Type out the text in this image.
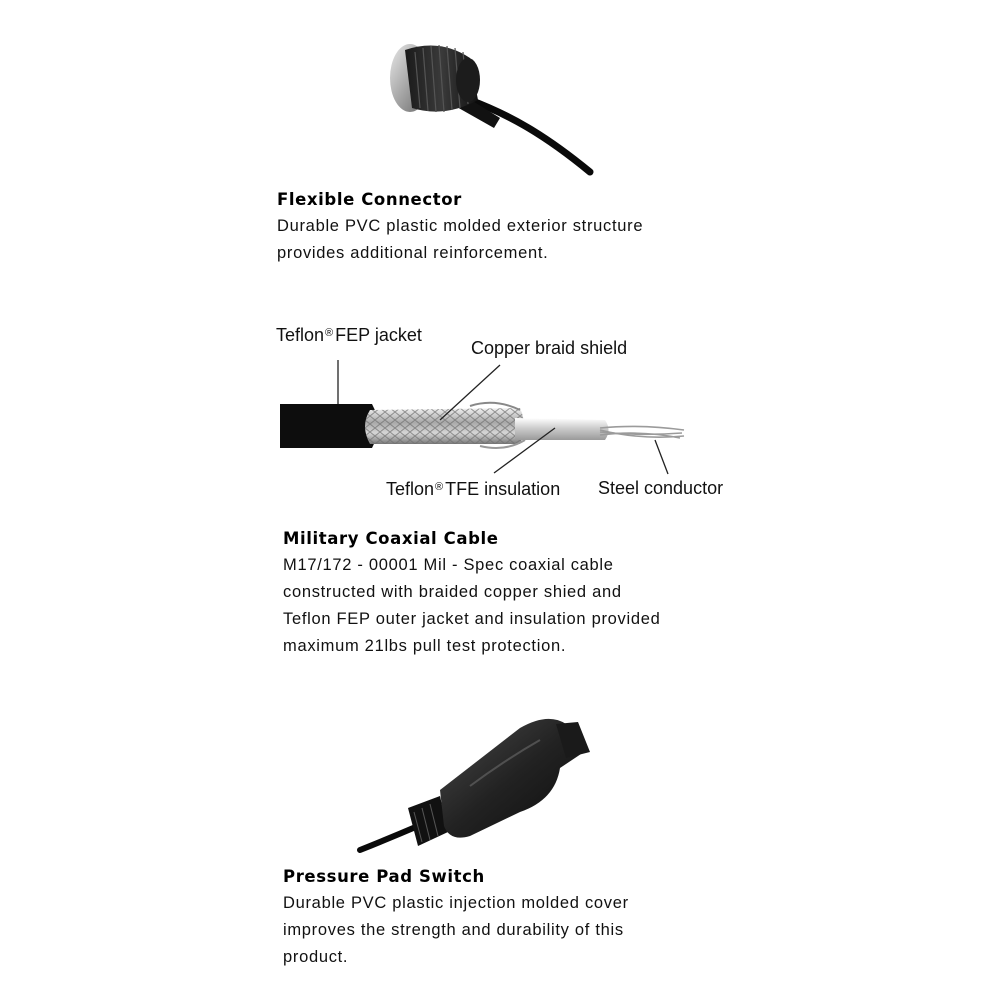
Flexible Connector

Durable PVC plastic molded exterior structure

provides additional reinforcement.

Teflon® FEP jacket
Copper braid shield
Teflon® TFE insulation Steel conductor
Military Coaxial Cable

M17/172 - 00001 Mil - Spec coaxial cable

constructed with braided copper shied and

Teflon FEP outer jacket and insulation provided

maximum 21lbs pull test protection.

Pressure Pad Switch

Durable PVC plastic injection molded cover

improves the strength and durability of this

product.
